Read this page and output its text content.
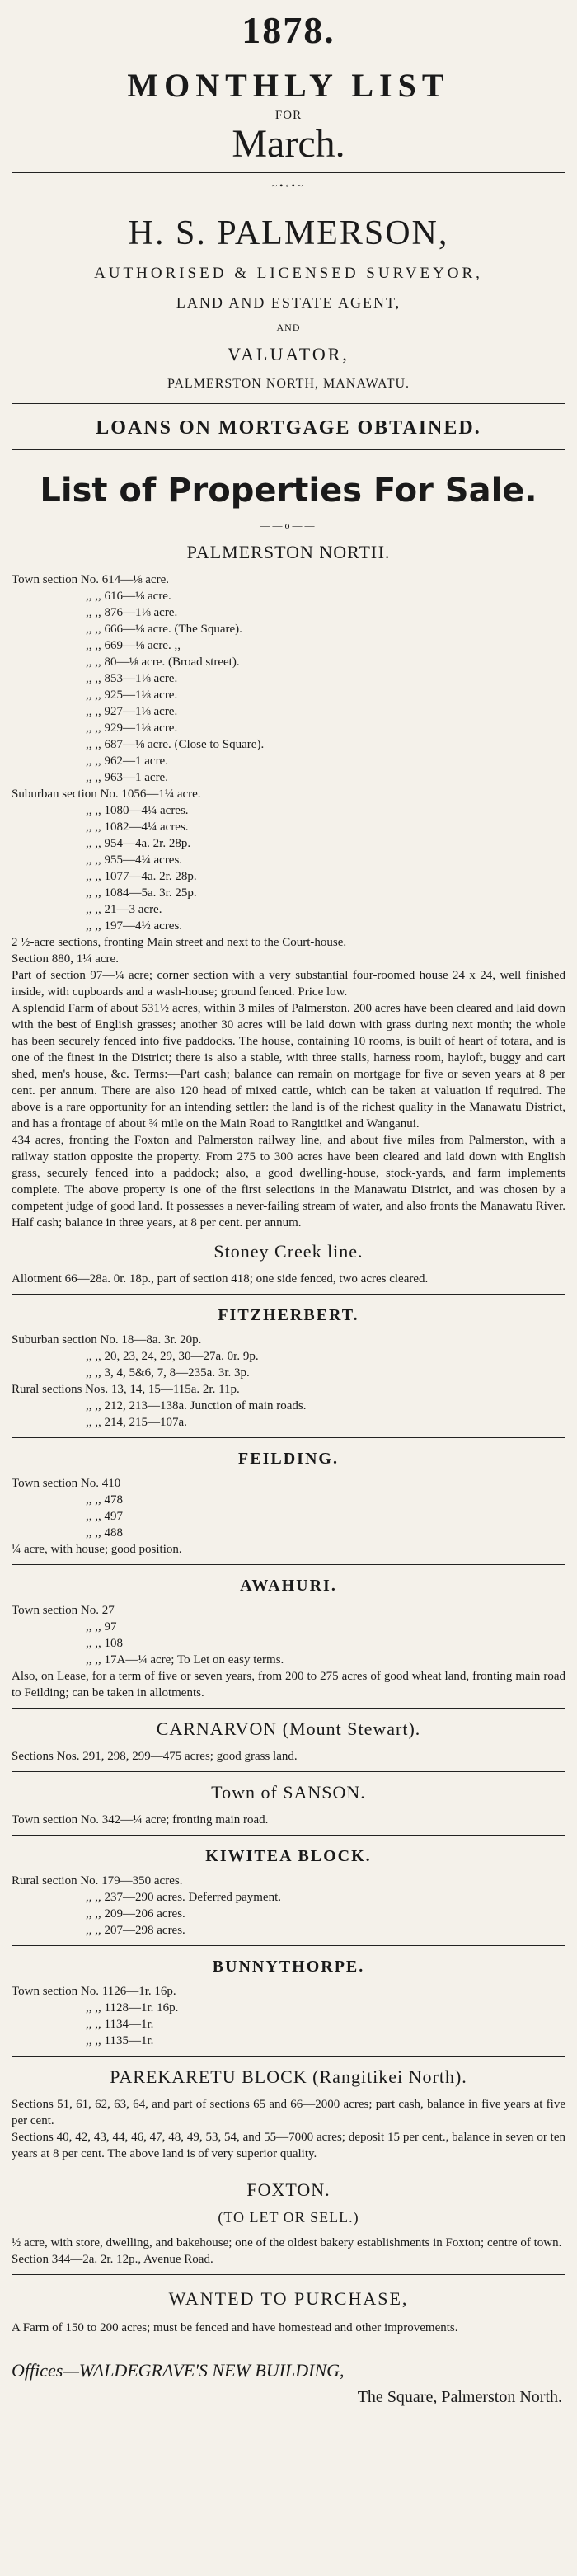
1878.
MONTHLY LIST
FOR
March.
~•◦•~
H. S. PALMERSON,
AUTHORISED & LICENSED SURVEYOR,
LAND AND ESTATE AGENT,
AND
VALUATOR,
PALMERSTON NORTH, MANAWATU.
LOANS ON MORTGAGE OBTAINED.
List of Properties For Sale.
——o——
PALMERSTON NORTH.
Town section No. 614—⅛ acre.
,, ,, 616—⅛ acre.
,, ,, 876—1⅛ acre.
,, ,, 666—⅛ acre. (The Square).
,, ,, 669—⅛ acre. ,,
,, ,, 80—⅛ acre. (Broad street).
,, ,, 853—1⅛ acre.
,, ,, 925—1⅛ acre.
,, ,, 927—1⅛ acre.
,, ,, 929—1⅛ acre.
,, ,, 687—⅛ acre. (Close to Square).
,, ,, 962—1 acre.
,, ,, 963—1 acre.
Suburban section No. 1056—1¼ acre.
,, ,, 1080—4¼ acres.
,, ,, 1082—4¼ acres.
,, ,, 954—4a. 2r. 28p.
,, ,, 955—4¼ acres.
,, ,, 1077—4a. 2r. 28p.
,, ,, 1084—5a. 3r. 25p.
,, ,, 21—3 acre.
,, ,, 197—4½ acres.
2 ½-acre sections, fronting Main street and next to the Court-house.
Section 880, 1¼ acre.
Part of section 97—¼ acre; corner section with a very substantial four-roomed house 24 x 24, well finished inside, with cupboards and a wash-house; ground fenced. Price low.
A splendid Farm of about 531½ acres, within 3 miles of Palmerston. 200 acres have been cleared and laid down with the best of English grasses; another 30 acres will be laid down with grass during next month; the whole has been securely fenced into five paddocks. The house, containing 10 rooms, is built of heart of totara, and is one of the finest in the District; there is also a stable, with three stalls, harness room, hayloft, buggy and cart shed, men's house, &c. Terms:—Part cash; balance can remain on mortgage for five or seven years at 8 per cent. per annum. There are also 120 head of mixed cattle, which can be taken at valuation if required. The above is a rare opportunity for an intending settler: the land is of the richest quality in the Manawatu District, and has a frontage of about ¾ mile on the Main Road to Rangitikei and Wanganui.
434 acres, fronting the Foxton and Palmerston railway line, and about five miles from Palmerston, with a railway station opposite the property. From 275 to 300 acres have been cleared and laid down with English grass, securely fenced into a paddock; also, a good dwelling-house, stock-yards, and farm implements complete. The above property is one of the first selections in the Manawatu District, and was chosen by a competent judge of good land. It possesses a never-failing stream of water, and also fronts the Manawatu River. Half cash; balance in three years, at 8 per cent. per annum.
Stoney Creek line.
Allotment 66—28a. 0r. 18p., part of section 418; one side fenced, two acres cleared.
FITZHERBERT.
Suburban section No. 18—8a. 3r. 20p.
,, ,, 20, 23, 24, 29, 30—27a. 0r. 9p.
,, ,, 3, 4, 5&6, 7, 8—235a. 3r. 3p.
Rural sections Nos. 13, 14, 15—115a. 2r. 11p.
,, ,, 212, 213—138a. Junction of main roads.
,, ,, 214, 215—107a.
FEILDING.
Town section No. 410
,, ,, 478
,, ,, 497
,, ,, 488
¼ acre, with house; good position.
AWAHURI.
Town section No. 27
,, ,, 97
,, ,, 108
,, ,, 17A—¼ acre; To Let on easy terms.
Also, on Lease, for a term of five or seven years, from 200 to 275 acres of good wheat land, fronting main road to Feilding; can be taken in allotments.
CARNARVON (Mount Stewart).
Sections Nos. 291, 298, 299—475 acres; good grass land.
Town of SANSON.
Town section No. 342—¼ acre; fronting main road.
KIWITEA BLOCK.
Rural section No. 179—350 acres.
,, ,, 237—290 acres. Deferred payment.
,, ,, 209—206 acres.
,, ,, 207—298 acres.
BUNNYTHORPE.
Town section No. 1126—1r. 16p.
,, ,, 1128—1r. 16p.
,, ,, 1134—1r.
,, ,, 1135—1r.
PAREKARETU BLOCK (Rangitikei North).
Sections 51, 61, 62, 63, 64, and part of sections 65 and 66—2000 acres; part cash, balance in five years at five per cent.
Sections 40, 42, 43, 44, 46, 47, 48, 49, 53, 54, and 55—7000 acres; deposit 15 per cent., balance in seven or ten years at 8 per cent. The above land is of very superior quality.
FOXTON.
(TO LET OR SELL.)
½ acre, with store, dwelling, and bakehouse; one of the oldest bakery establishments in Foxton; centre of town.
Section 344—2a. 2r. 12p., Avenue Road.
WANTED TO PURCHASE,
A Farm of 150 to 200 acres; must be fenced and have homestead and other improvements.
Offices—WALDEGRAVE'S NEW BUILDING,
The Square, Palmerston North.
